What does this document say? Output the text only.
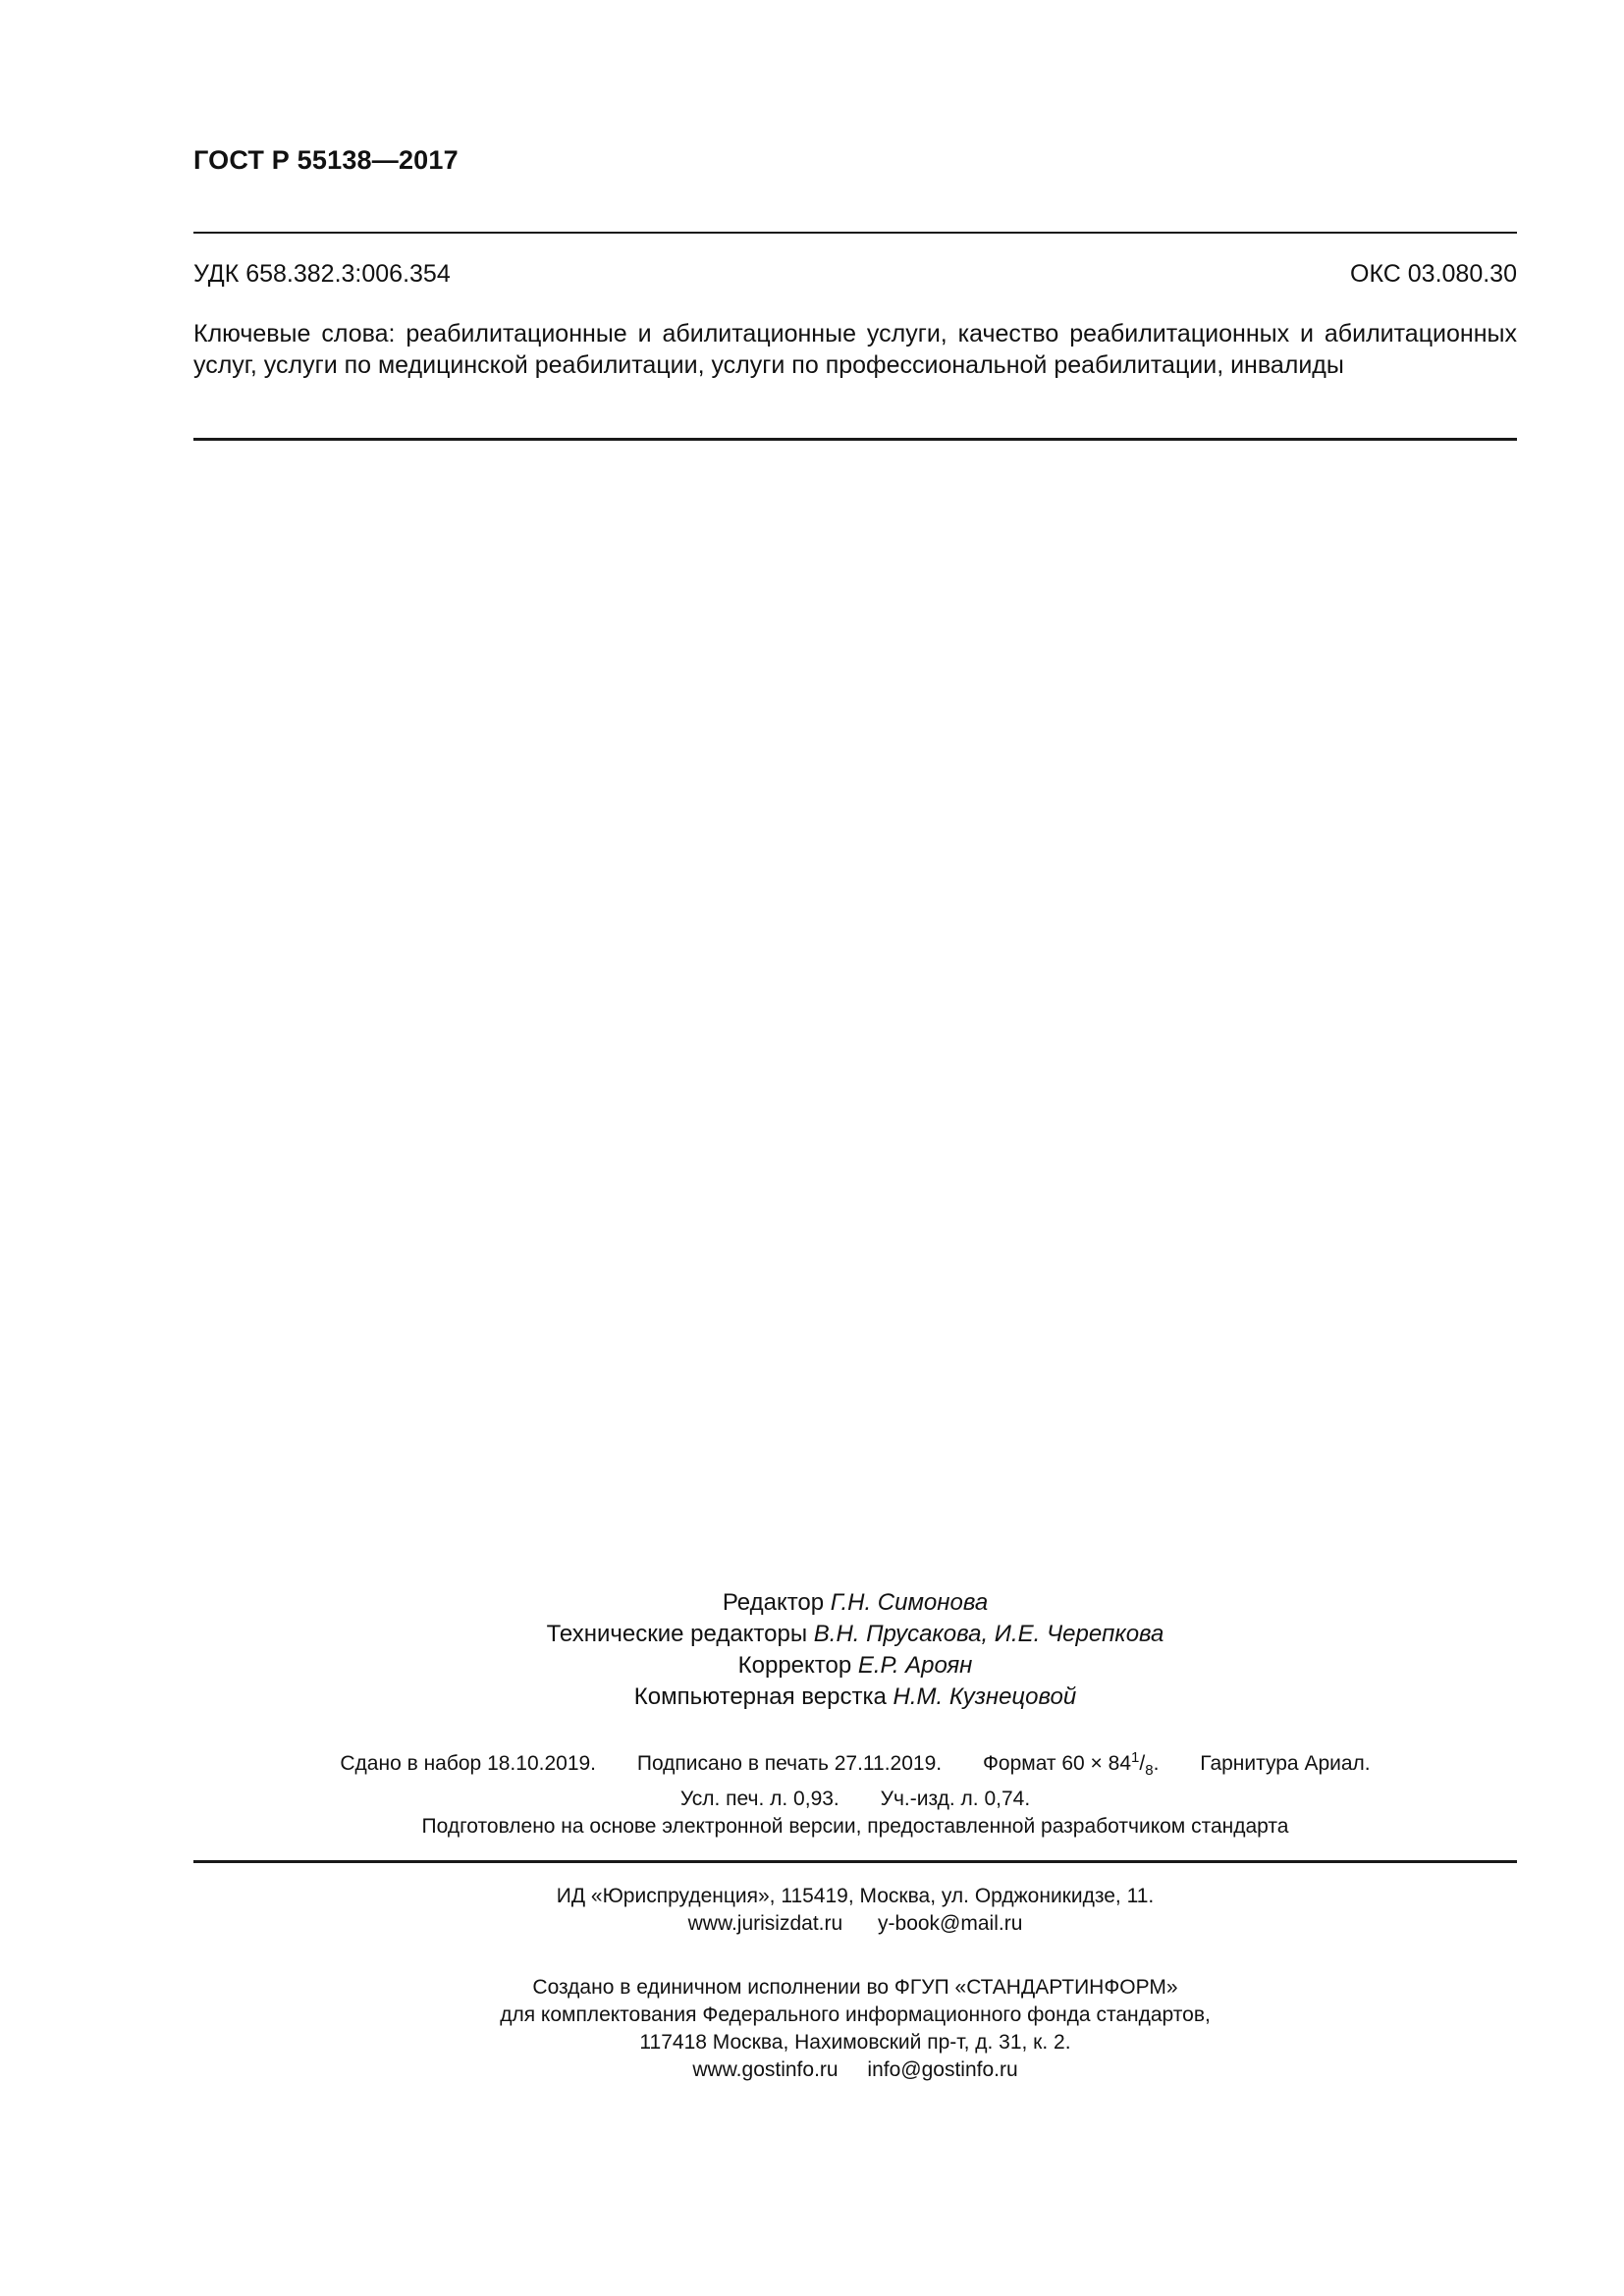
ГОСТ Р 55138—2017
УДК 658.382.3:006.354	ОКС 03.080.30
Ключевые слова: реабилитационные и абилитационные услуги, качество реабилитационных и абилитационных услуг, услуги по медицинской реабилитации, услуги по профессиональной реабилитации, инвалиды
Редактор Г.Н. Симонова
Технические редакторы В.Н. Прусакова, И.Е. Черепкова
Корректор Е.Р. Ароян
Компьютерная верстка Н.М. Кузнецовой
Сдано в набор 18.10.2019. Подписано в печать 27.11.2019. Формат $60 \times 84^1/_8$. Гарнитура Ариал.
Усл. печ. л. 0,93. Уч.-изд. л. 0,74.
Подготовлено на основе электронной версии, предоставленной разработчиком стандарта
ИД «Юриспруденция», 115419, Москва, ул. Орджоникидзе, 11.
www.jurisizdat.ru y-book@mail.ru
Создано в единичном исполнении во ФГУП «СТАНДАРТИНФОРМ»
для комплектования Федерального информационного фонда стандартов,
117418 Москва, Нахимовский пр-т, д. 31, к. 2.
www.gostinfo.ru info@gostinfo.ru
